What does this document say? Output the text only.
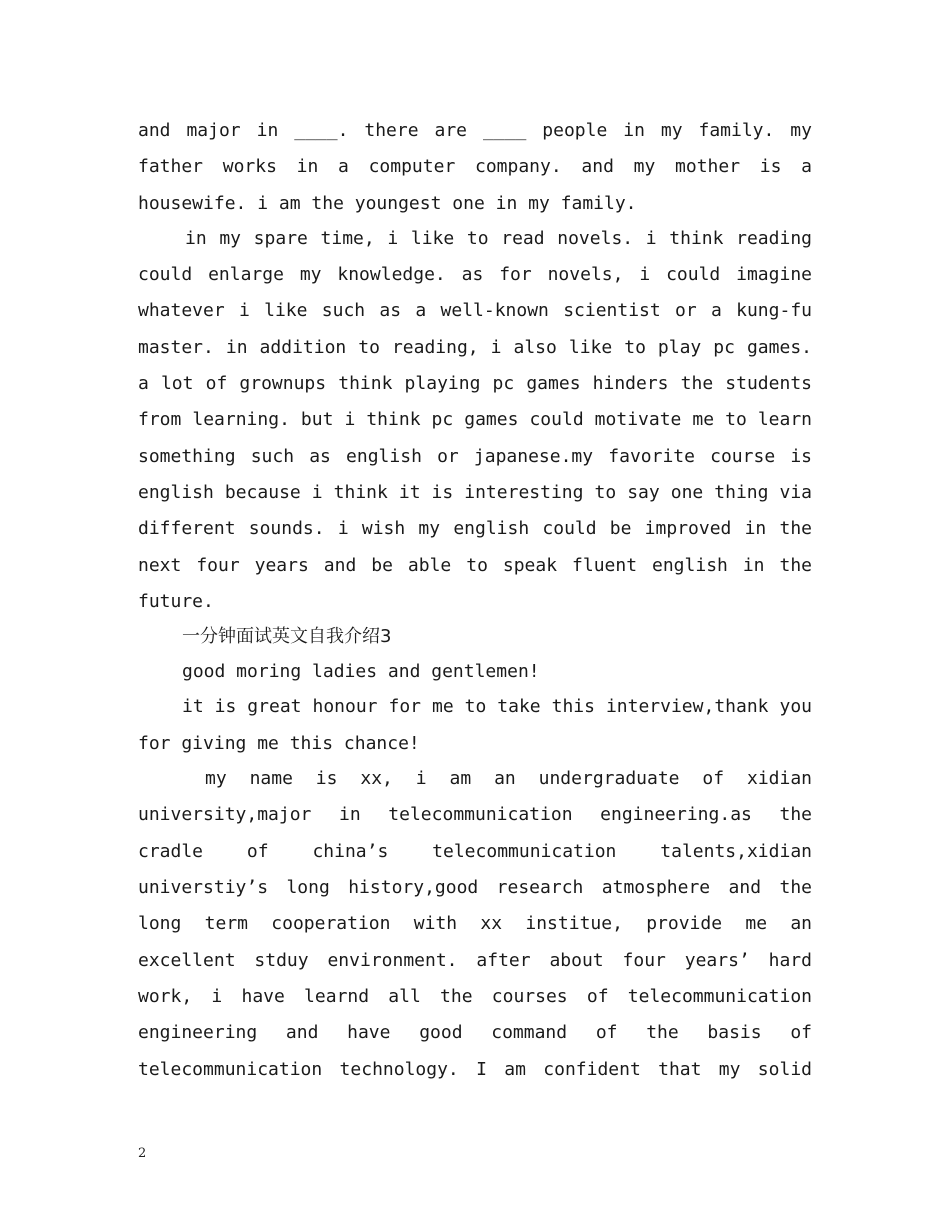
and major in ____. there are ____ people in my family. my
father works in a computer company. and my mother is a
housewife. i am the youngest one in my family.
in my spare time, i like to read novels. i think reading
could enlarge my knowledge. as for novels, i could imagine
whatever i like such as a well-known scientist or a kung-fu
master. in addition to reading, i also like to play pc games.
a lot of grownups think playing pc games hinders the students
from learning. but i think pc games could motivate me to learn
something such as english or japanese.my favorite course is
english because i think it is interesting to say one thing via
different sounds. i wish my english could be improved in the
next four years and be able to speak fluent english in the
future.
一分钟面试英文自我介绍3
good moring ladies and gentlemen!
it is great honour for me to take this interview,thank you
for giving me this chance!
my name is xx, i am an undergraduate of xidian
university,major in telecommunication engineering.as the
cradle of china’s telecommunication talents,xidian
universtiy’s long history,good research atmosphere and the
long term cooperation with xx institue, provide me an
excellent stduy environment. after about four years’ hard
work, i have learnd all the courses of telecommunication
engineering and have good command of the basis of
telecommunication technology. I am confident that my solid
2
